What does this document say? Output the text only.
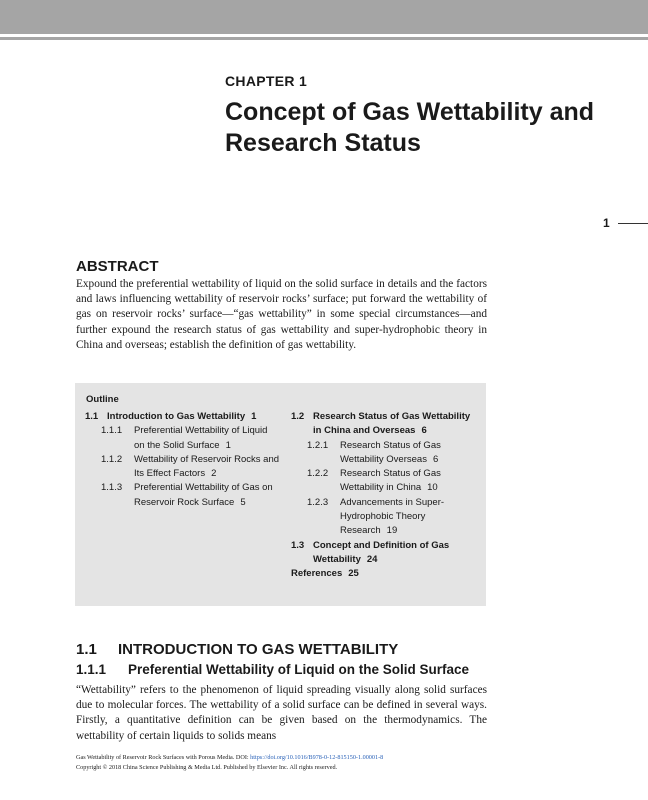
CHAPTER 1
Concept of Gas Wettability and Research Status
1
ABSTRACT
Expound the preferential wettability of liquid on the solid surface in details and the factors and laws influencing wettability of reservoir rocks’ surface; put forward the wettability of gas on reservoir rocks’ surface—“gas wettability” in some special circumstances—and further expound the research status of gas wettability and super-hydrophobic theory in China and overseas; establish the definition of gas wettability.
Outline
1.1 Introduction to Gas Wettability 1
1.1.1	Preferential Wettability of Liquid on the Solid Surface 1
1.1.2	Wettability of Reservoir Rocks and Its Effect Factors 2
1.1.3	Preferential Wettability of Gas on Reservoir Rock Surface 5
1.2 Research Status of Gas Wettability in China and Overseas 6
1.2.1	Research Status of Gas Wettability Overseas 6
1.2.2	Research Status of Gas Wettability in China 10
1.2.3	Advancements in Super-Hydrophobic Theory Research 19
1.3 Concept and Definition of Gas Wettability 24
References 25
1.1 INTRODUCTION TO GAS WETTABILITY
1.1.1 Preferential Wettability of Liquid on the Solid Surface
“Wettability” refers to the phenomenon of liquid spreading visually along solid surfaces due to molecular forces. The wettability of a solid surface can be defined in several ways. Firstly, a quantitative definition can be given based on the thermodynamics. The wettability of certain liquids to solids means
Gas Wettability of Reservoir Rock Surfaces with Porous Media. DOI: https://doi.org/10.1016/B978-0-12-815150-1.00001-8
Copyright © 2018 China Science Publishing & Media Ltd. Published by Elsevier Inc. All rights reserved.
